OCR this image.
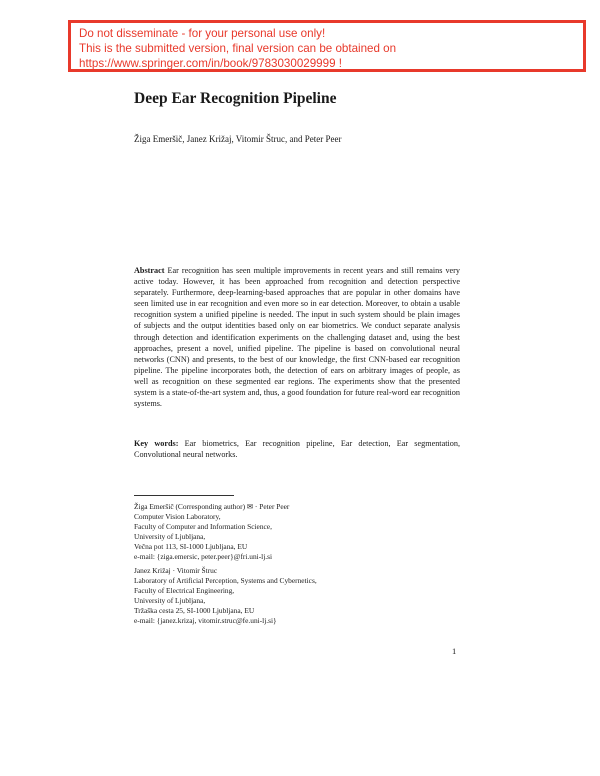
Do not disseminate - for your personal use only!
This is the submitted version, final version can be obtained on
https://www.springer.com/in/book/9783030029999 !
Deep Ear Recognition Pipeline
Žiga Emeršič, Janez Križaj, Vitomir Štruc, and Peter Peer
Abstract Ear recognition has seen multiple improvements in recent years and still remains very active today. However, it has been approached from recognition and detection perspective separately. Furthermore, deep-learning-based approaches that are popular in other domains have seen limited use in ear recognition and even more so in ear detection. Moreover, to obtain a usable recognition system a unified pipeline is needed. The input in such system should be plain images of subjects and the output identities based only on ear biometrics. We conduct separate analysis through detection and identification experiments on the challenging dataset and, using the best approaches, present a novel, unified pipeline. The pipeline is based on convolutional neural networks (CNN) and presents, to the best of our knowledge, the first CNN-based ear recognition pipeline. The pipeline incorporates both, the detection of ears on arbitrary images of people, as well as recognition on these segmented ear regions. The experiments show that the presented system is a state-of-the-art system and, thus, a good foundation for future real-word ear recognition systems.
Key words: Ear biometrics, Ear recognition pipeline, Ear detection, Ear segmentation, Convolutional neural networks.
Žiga Emeršič (Corresponding author) ✉ · Peter Peer
Computer Vision Laboratory,
Faculty of Computer and Information Science,
University of Ljubljana,
Večna pot 113, SI-1000 Ljubljana, EU
e-mail: {ziga.emersic, peter.peer}@fri.uni-lj.si
Janez Križaj · Vitomir Štruc
Laboratory of Artificial Perception, Systems and Cybernetics,
Faculty of Electrical Engineering,
University of Ljubljana,
Tržaška cesta 25, SI-1000 Ljubljana, EU
e-mail: {janez.krizaj, vitomir.struc@fe.uni-lj.si}
1
